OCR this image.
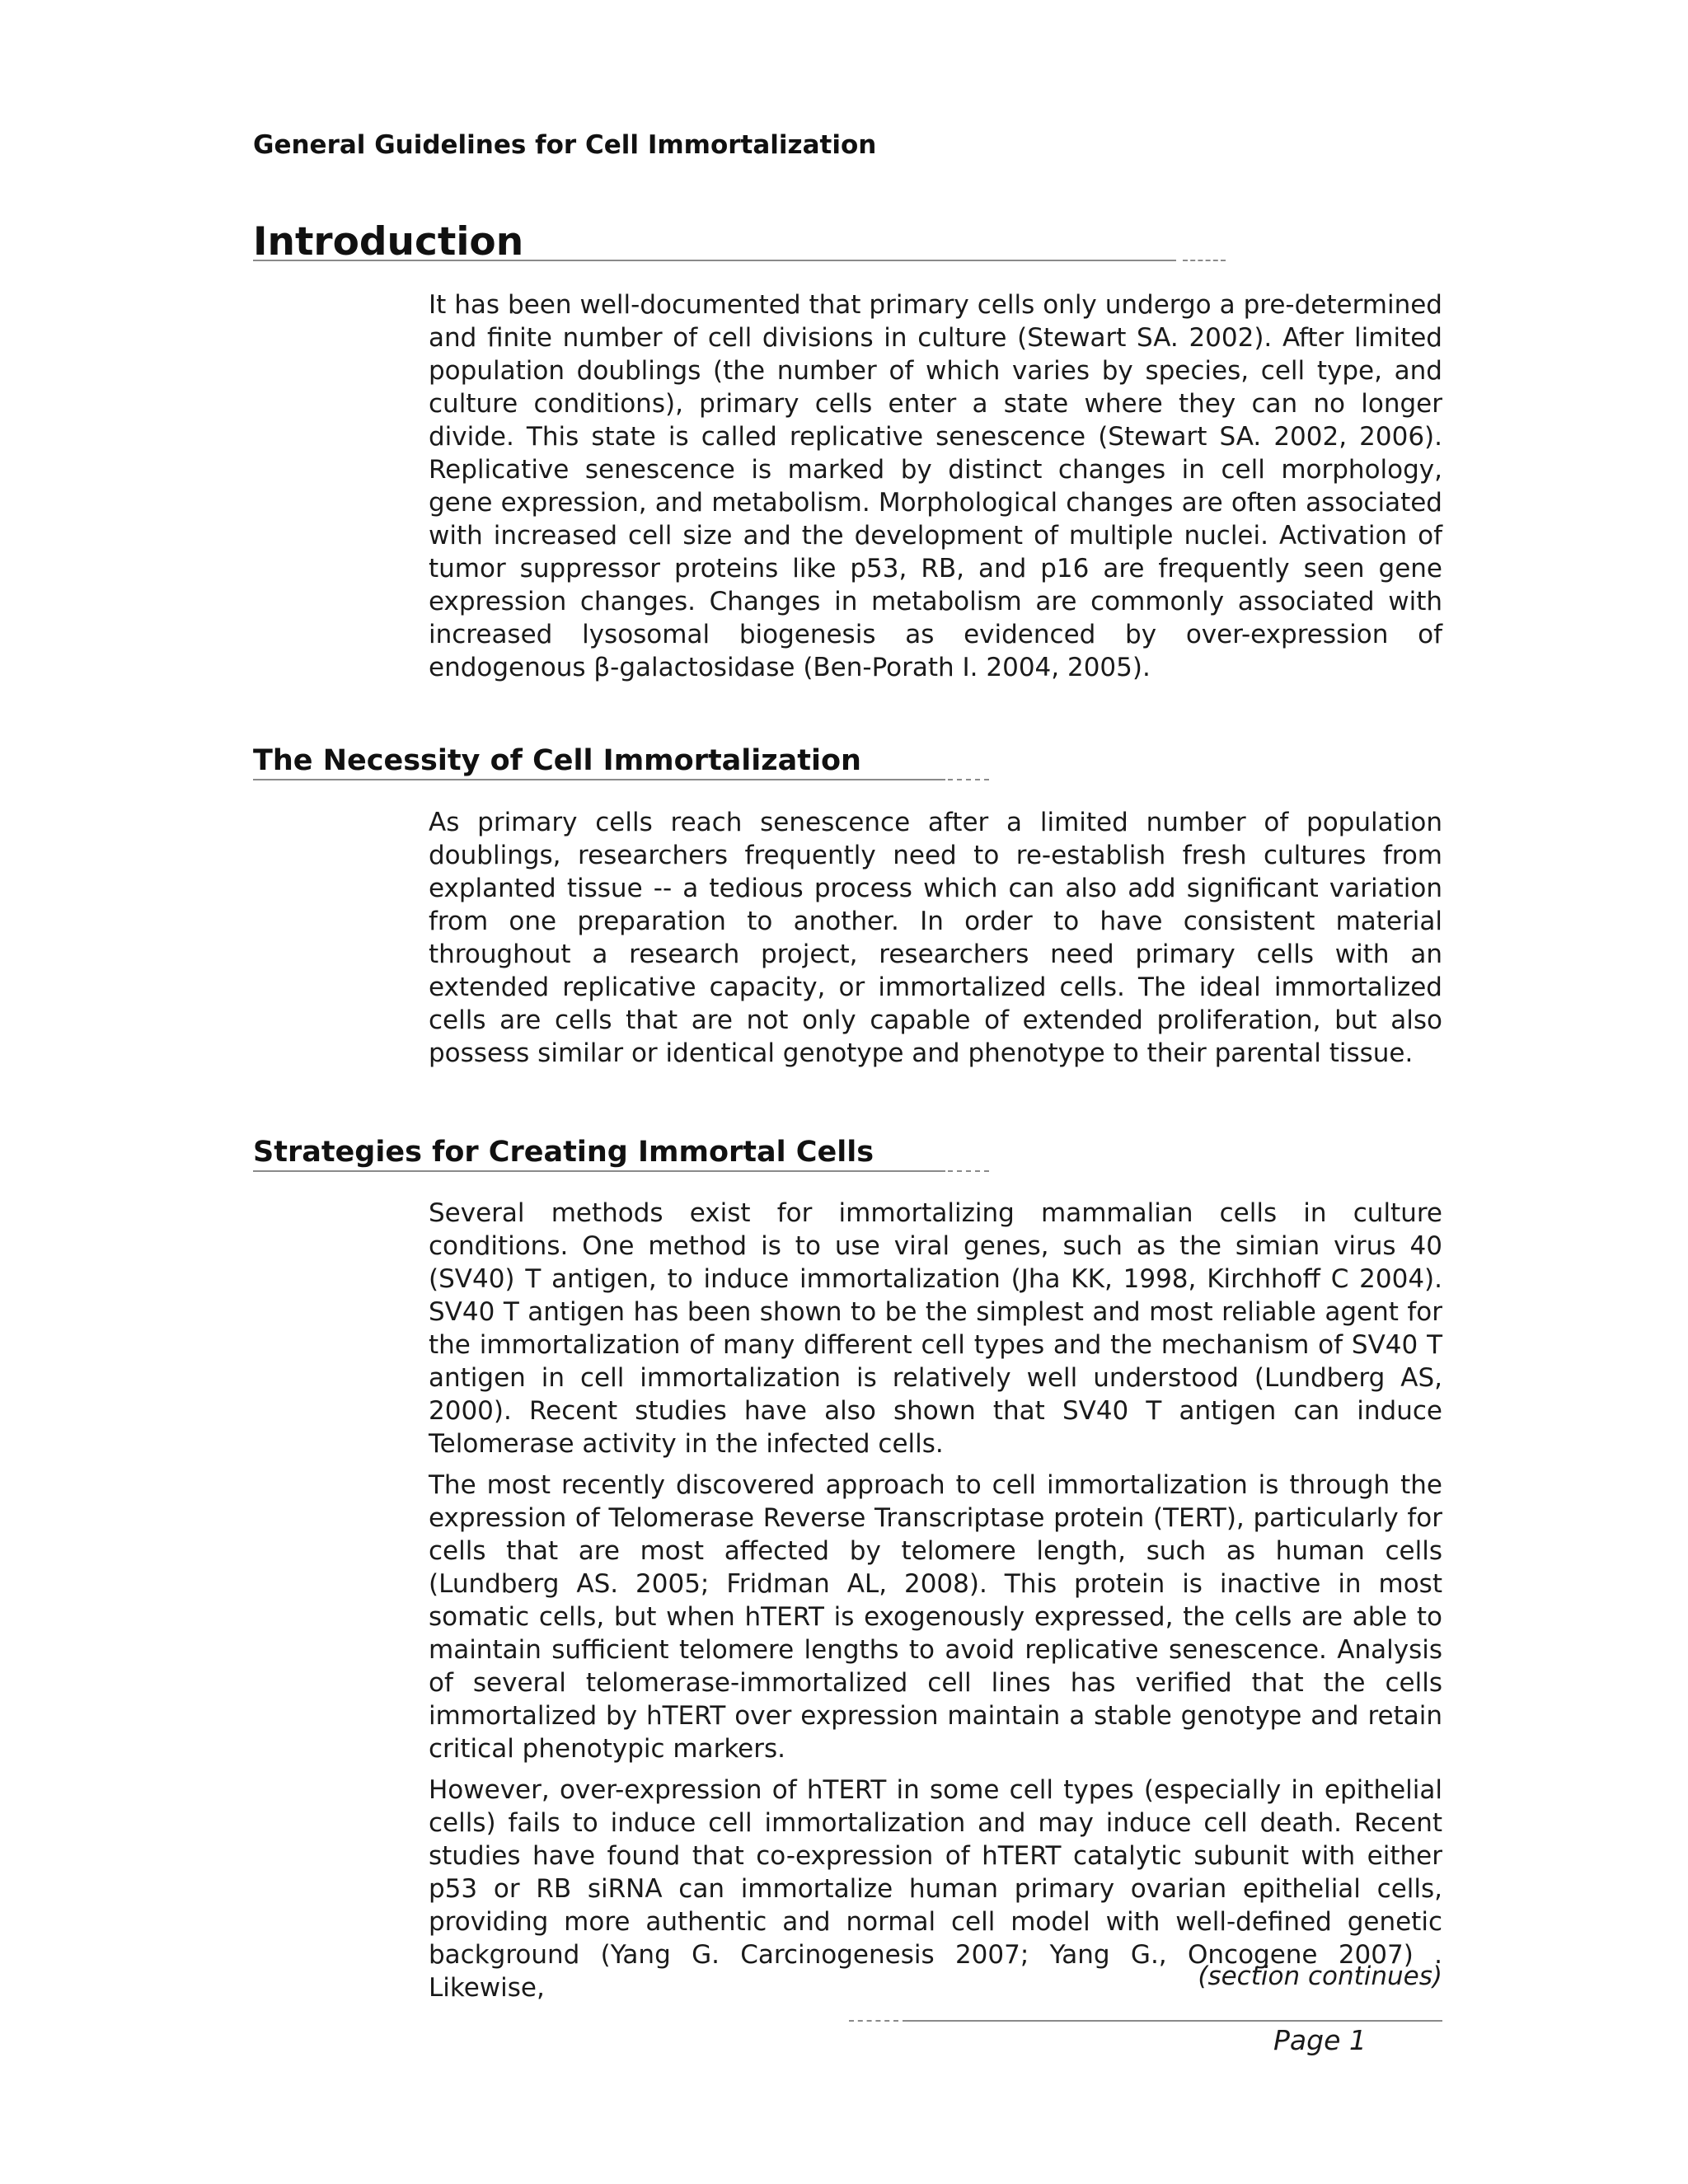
General Guidelines for Cell Immortalization
Introduction

It has been well-documented that primary cells only undergo a pre-determined and finite number of cell divisions in culture (Stewart SA. 2002). After limited population doublings (the number of which varies by species, cell type, and culture conditions), primary cells enter a state where they can no longer divide. This state is called replicative senescence (Stewart SA. 2002, 2006). Replicative senescence is marked by distinct changes in cell morphology, gene expression, and metabolism. Morphological changes are often associated with increased cell size and the development of multiple nuclei. Activation of tumor suppressor proteins like p53, RB, and p16 are frequently seen gene expression changes. Changes in metabolism are commonly associated with increased lysosomal biogenesis as evidenced by over-expression of endogenous β-galactosidase (Ben-Porath I. 2004, 2005).

The Necessity of Cell Immortalization

As primary cells reach senescence after a limited number of population doublings, researchers frequently need to re-establish fresh cultures from explanted tissue -- a tedious process which can also add significant variation from one preparation to another. In order to have consistent material throughout a research project, researchers need primary cells with an extended replicative capacity, or immortalized cells. The ideal immortalized cells are cells that are not only capable of extended proliferation, but also possess similar or identical genotype and phenotype to their parental tissue.

Strategies for Creating Immortal Cells

Several methods exist for immortalizing mammalian cells in culture conditions. One method is to use viral genes, such as the simian virus 40 (SV40) T antigen, to induce immortalization (Jha KK, 1998, Kirchhoff C 2004). SV40 T antigen has been shown to be the simplest and most reliable agent for the immortalization of many different cell types and the mechanism of SV40 T antigen in cell immortalization is relatively well understood (Lundberg AS, 2000). Recent studies have also shown that SV40 T antigen can induce Telomerase activity in the infected cells.

The most recently discovered approach to cell immortalization is through the expression of Telomerase Reverse Transcriptase protein (TERT), particularly for cells that are most affected by telomere length, such as human cells (Lundberg AS. 2005; Fridman AL, 2008). This protein is inactive in most somatic cells, but when hTERT is exogenously expressed, the cells are able to maintain sufficient telomere lengths to avoid replicative senescence. Analysis of several telomerase-immortalized cell lines has verified that the cells immortalized by hTERT over expression maintain a stable genotype and retain critical phenotypic markers.

However, over-expression of hTERT in some cell types (especially in epithelial cells) fails to induce cell immortalization and may induce cell death. Recent studies have found that co-expression of hTERT catalytic subunit with either p53 or RB siRNA can immortalize human primary ovarian epithelial cells, providing more authentic and normal cell model with well-defined genetic background (Yang G. Carcinogenesis 2007; Yang G., Oncogene 2007) . Likewise,	(section continues)
Page 1
